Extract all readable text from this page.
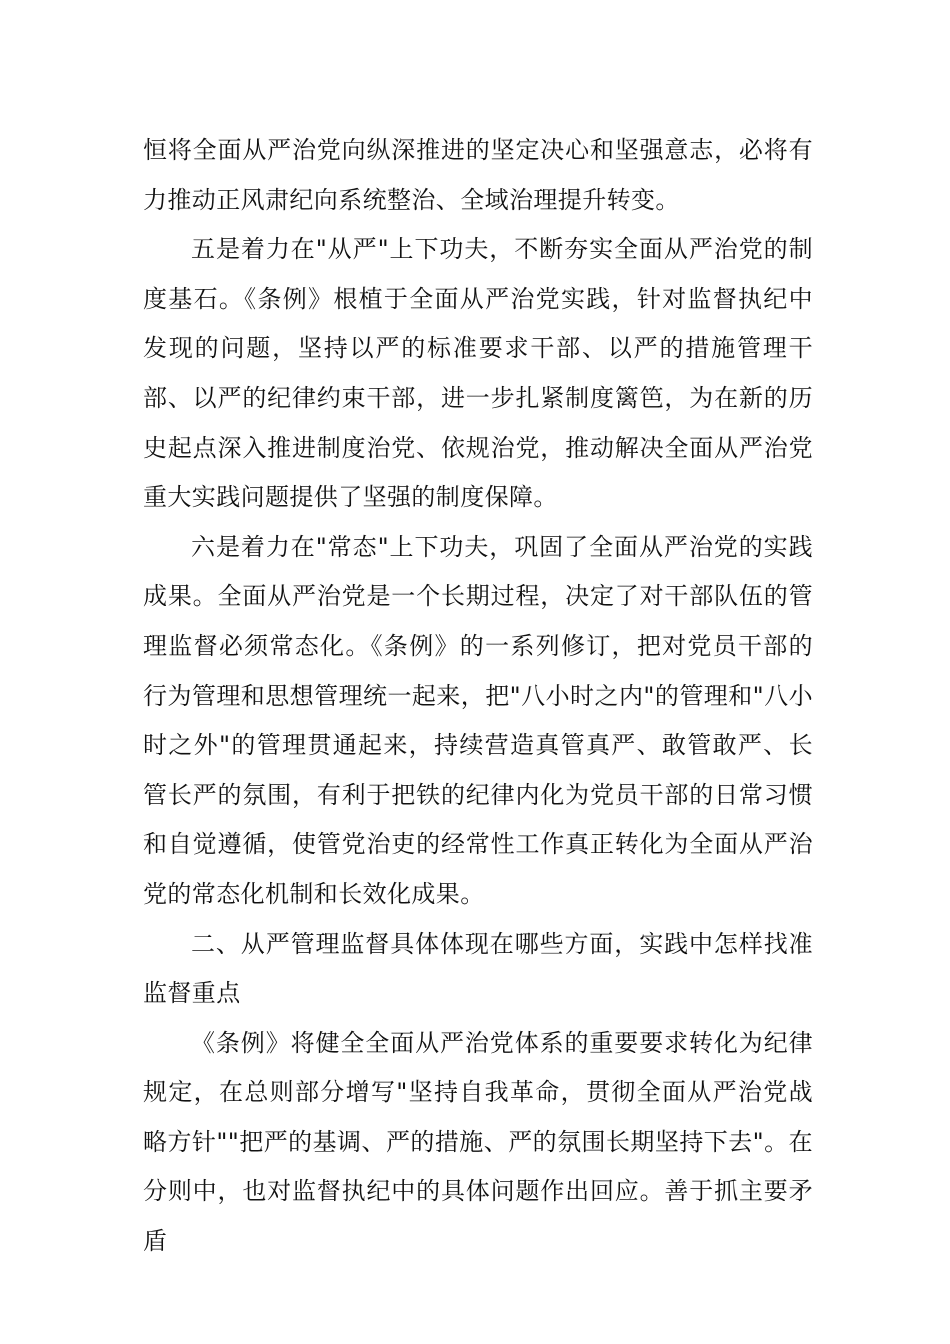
恒将全面从严治党向纵深推进的坚定决心和坚强意志，必将有力推动正风肃纪向系统整治、全域治理提升转变。

五是着力在"从严"上下功夫，不断夯实全面从严治党的制度基石。《条例》根植于全面从严治党实践，针对监督执纪中发现的问题，坚持以严的标准要求干部、以严的措施管理干部、以严的纪律约束干部，进一步扎紧制度篱笆，为在新的历史起点深入推进制度治党、依规治党，推动解决全面从严治党重大实践问题提供了坚强的制度保障。

六是着力在"常态"上下功夫，巩固了全面从严治党的实践成果。全面从严治党是一个长期过程，决定了对干部队伍的管理监督必须常态化。《条例》的一系列修订，把对党员干部的行为管理和思想管理统一起来，把"八小时之内"的管理和"八小时之外"的管理贯通起来，持续营造真管真严、敢管敢严、长管长严的氛围，有利于把铁的纪律内化为党员干部的日常习惯和自觉遵循，使管党治吏的经常性工作真正转化为全面从严治党的常态化机制和长效化成果。

二、从严管理监督具体体现在哪些方面，实践中怎样找准监督重点

《条例》将健全全面从严治党体系的重要要求转化为纪律规定，在总则部分增写"坚持自我革命，贯彻全面从严治党战略方针""把严的基调、严的措施、严的氛围长期坚持下去"。在分则中，也对监督执纪中的具体问题作出回应。善于抓主要矛盾
